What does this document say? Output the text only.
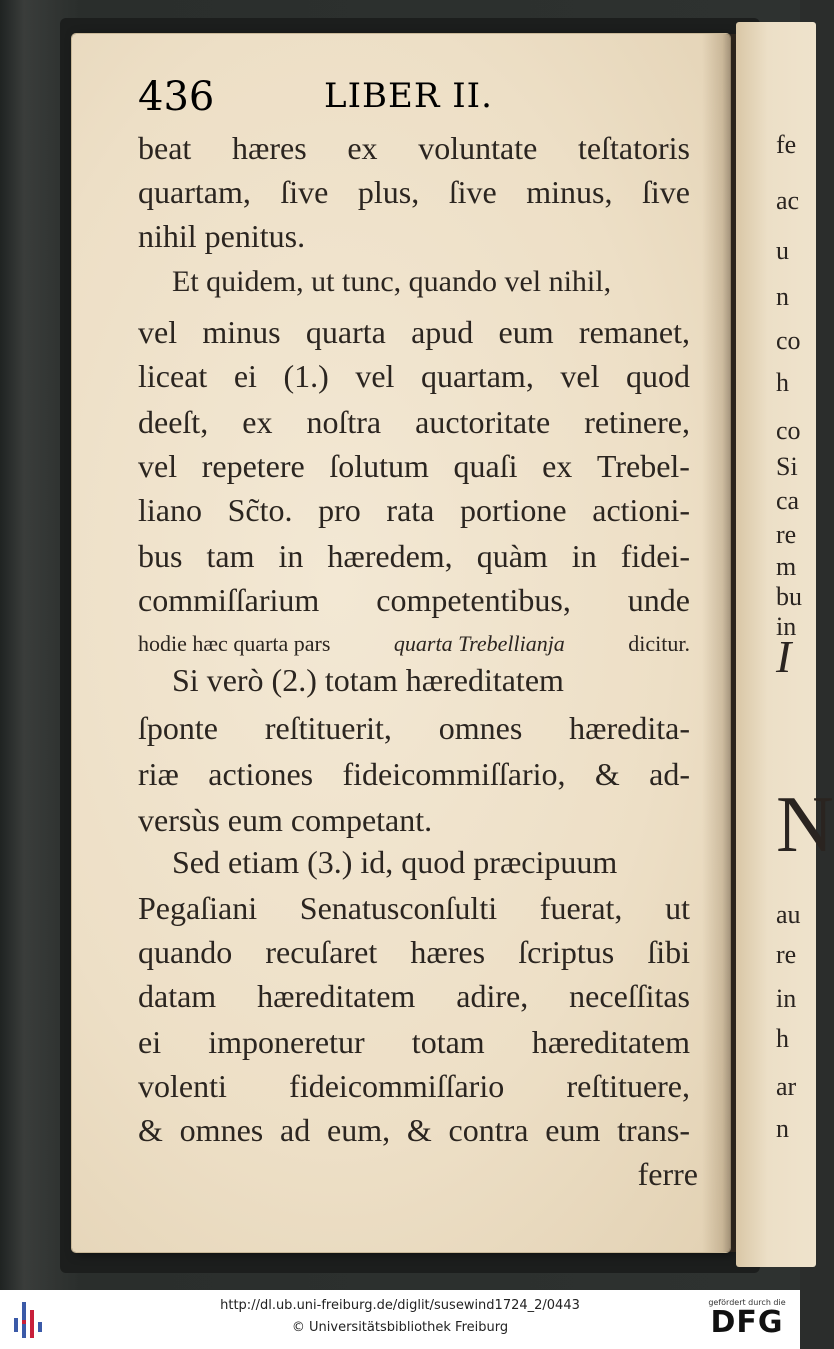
fe
ac
u
n
co
h
co
Si
ca
re
m
bu
in
I
N
au
re
in
h
ar
n
436	LIBER II.
beat hæres ex voluntate teſtatoris
quartam, ſive plus, ſive minus, ſive
nihil penitus.
Et quidem, ut tunc, quando vel nihil,
vel minus quarta apud eum remanet,
liceat ei (1.) vel quartam, vel quod
deeſt, ex noſtra auctoritate retinere,
vel repetere ſolutum quaſi ex Trebel-
liano Sc̃to. pro rata portione actioni-
bus tam in hæredem, quàm in fidei-
commiſſarium competentibus, unde
hodie hæc quarta pars	quarta Trebellianja	dicitur.
Si verò (2.) totam hæreditatem
ſponte reſtituerit, omnes hæredita-
riæ actiones fideicommiſſario, & ad-
versùs eum competant.
Sed etiam (3.) id, quod præcipuum
Pegaſiani Senatusconſulti fuerat, ut
quando recuſaret hæres ſcriptus ſibi
datam hæreditatem adire, neceſſitas
ei imponeretur totam hæreditatem
volenti fideicommiſſario reſtituere,
& omnes ad eum, & contra eum trans-
ferre
http://dl.ub.uni-freiburg.de/diglit/susewind1724_2/0443
© Universitätsbibliothek Freiburg
gefördert durch die
DFG
